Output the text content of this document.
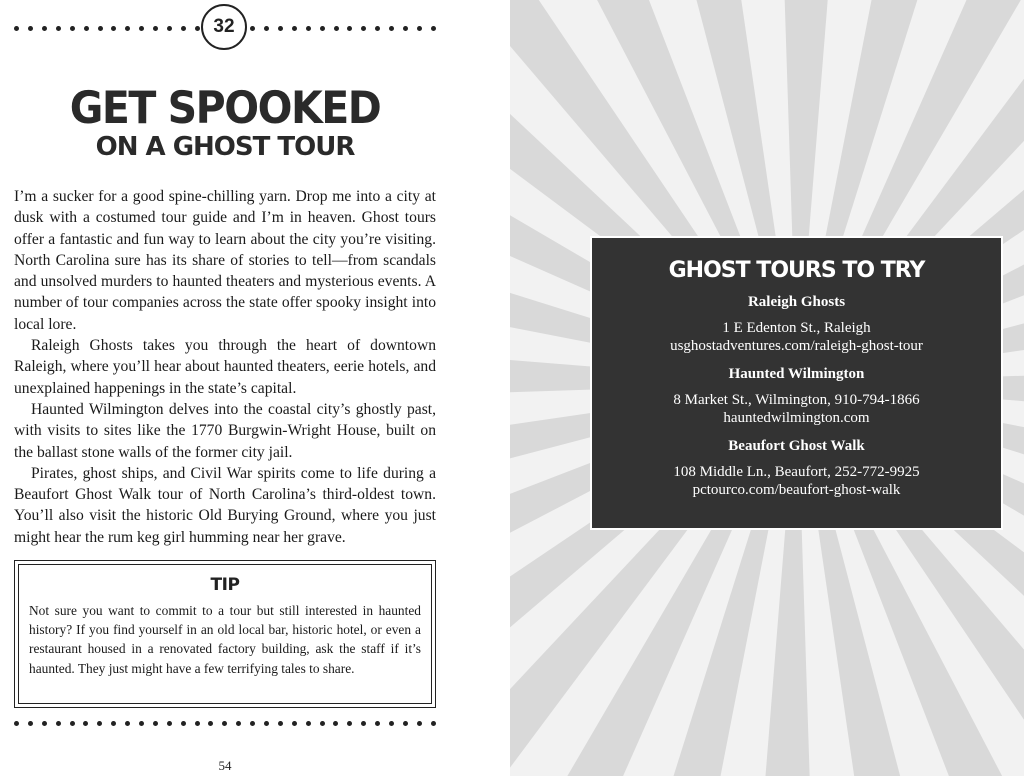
32
GET SPOOKED
ON A GHOST TOUR

I’m a sucker for a good spine-chilling yarn. Drop me into a city at dusk with a costumed tour guide and I’m in heaven. Ghost tours offer a fantastic and fun way to learn about the city you’re visiting. North Carolina sure has its share of stories to tell—from scandals and unsolved murders to haunted theaters and mysterious events. A number of tour companies across the state offer spooky insight into local lore.

Raleigh Ghosts takes you through the heart of downtown Raleigh, where you’ll hear about haunted theaters, eerie hotels, and unexplained happenings in the state’s capital.

Haunted Wilmington delves into the coastal city’s ghostly past, with visits to sites like the 1770 Burgwin-Wright House, built on the ballast stone walls of the former city jail.

Pirates, ghost ships, and Civil War spirits come to life during a Beaufort Ghost Walk tour of North Carolina’s third-oldest town. You’ll also visit the historic Old Burying Ground, where you just might hear the rum keg girl humming near her grave.

TIP

Not sure you want to commit to a tour but still interested in haunted history? If you find yourself in an old local bar, historic hotel, or even a restaurant housed in a renovated factory building, ask the staff if it’s haunted. They just might have a few terrifying tales to share.

54
GHOST TOURS TO TRY
Raleigh Ghosts
1 E Edenton St., Raleigh
usghostadventures.com/raleigh-ghost-tour
Haunted Wilmington
8 Market St., Wilmington, 910-794-1866
hauntedwilmington.com
Beaufort Ghost Walk
108 Middle Ln., Beaufort, 252-772-9925
pctourco.com/beaufort-ghost-walk
